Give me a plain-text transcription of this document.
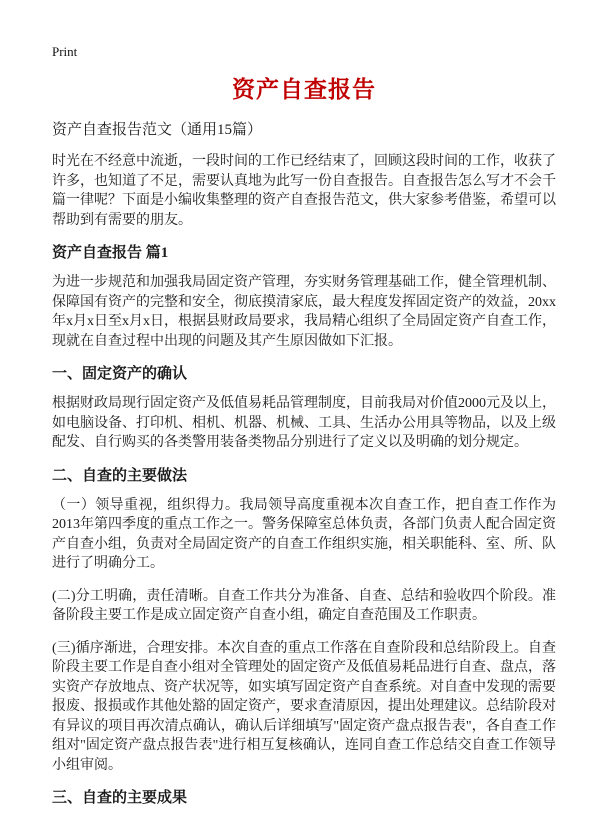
Print
资产自查报告
资产自查报告范文（通用15篇）

时光在不经意中流逝，一段时间的工作已经结束了，回顾这段时间的工作，收获了许多，也知道了不足，需要认真地为此写一份自查报告。自查报告怎么写才不会千篇一律呢？下面是小编收集整理的资产自查报告范文，供大家参考借鉴，希望可以帮助到有需要的朋友。

资产自查报告 篇1

为进一步规范和加强我局固定资产管理，夯实财务管理基础工作，健全管理机制、保障国有资产的完整和安全，彻底摸清家底，最大程度发挥固定资产的效益，20xx年x月x日至x月x日，根据县财政局要求，我局精心组织了全局固定资产自查工作，现就在自查过程中出现的问题及其产生原因做如下汇报。

一、固定资产的确认

根据财政局现行固定资产及低值易耗品管理制度，目前我局对价值2000元及以上，如电脑设备、打印机、相机、机器、机械、工具、生活办公用具等物品，以及上级配发、自行购买的各类警用装备类物品分别进行了定义以及明确的划分规定。

二、自查的主要做法

（一）领导重视，组织得力。我局领导高度重视本次自查工作，把自查工作作为2013年第四季度的重点工作之一。警务保障室总体负责，各部门负责人配合固定资产自查小组，负责对全局固定资产的自查工作组织实施，相关职能科、室、所、队进行了明确分工。

(二)分工明确，责任清晰。自查工作共分为准备、自查、总结和验收四个阶段。准备阶段主要工作是成立固定资产自查小组，确定自查范围及工作职责。

(三)循序渐进，合理安排。本次自查的重点工作落在自查阶段和总结阶段上。自查阶段主要工作是自查小组对全管理处的固定资产及低值易耗品进行自查、盘点，落实资产存放地点、资产状况等，如实填写固定资产自查系统。对自查中发现的需要报废、报损或作其他处豁的固定资产，要求查清原因，提出处理建议。总结阶段对有异议的项目再次清点确认，确认后详细填写"固定资产盘点报告表"，各自查工作组对"固定资产盘点报告表"进行相互复核确认，连同自查工作总结交自查工作领导小组审阅。

三、自查的主要成果
